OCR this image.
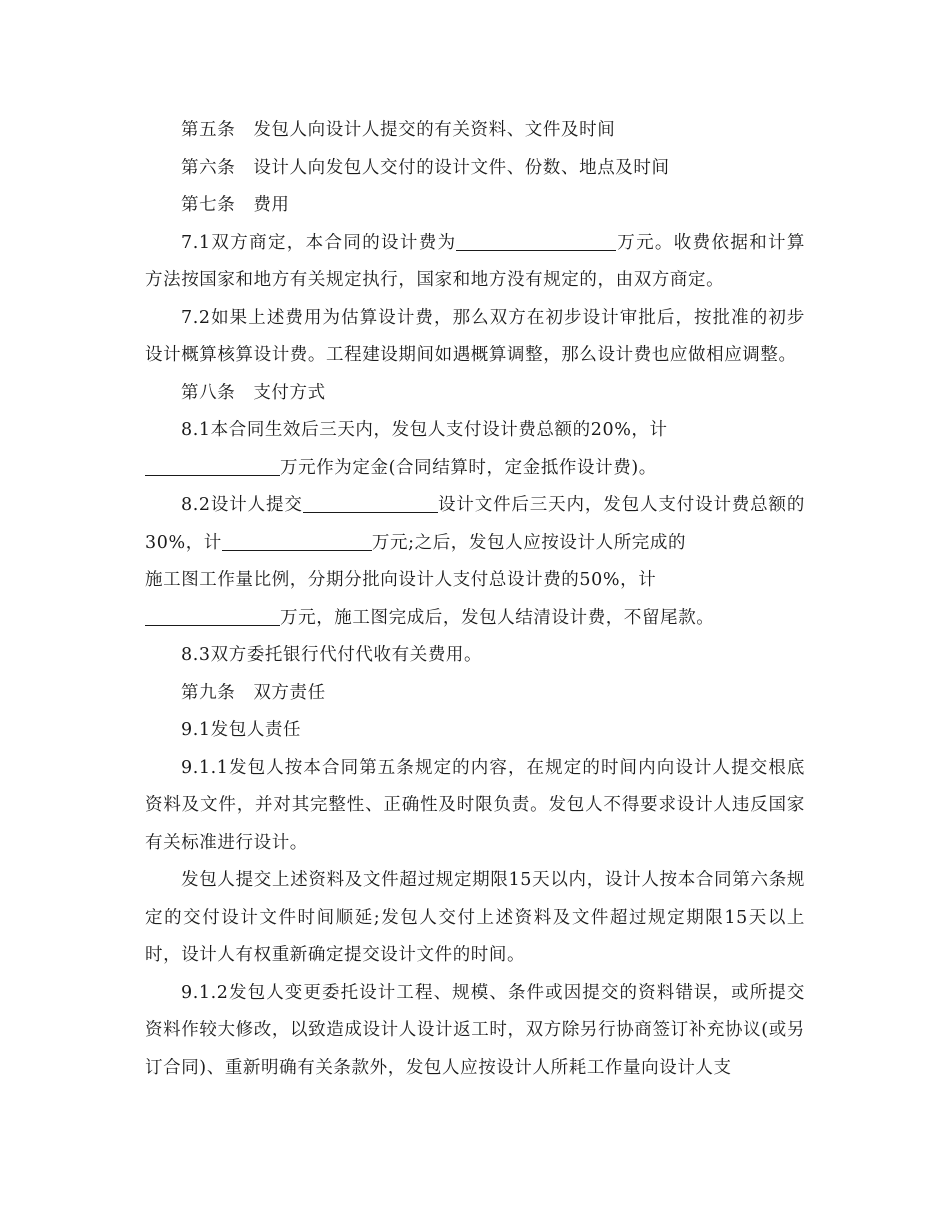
第五条 发包人向设计人提交的有关资料、文件及时间

第六条 设计人向发包人交付的设计文件、份数、地点及时间

第七条 费用

7.1双方商定，本合同的设计费为	万元。收费依据和计算方法按国家和地方有关规定执行，国家和地方没有规定的，由双方商定。

7.2如果上述费用为估算设计费，那么双方在初步设计审批后，按批准的初步设计概算核算设计费。工程建设期间如遇概算调整，那么设计费也应做相应调整。

第八条 支付方式

8.1本合同生效后三天内，发包人支付设计费总额的20%，计

万元作为定金(合同结算时，定金抵作设计费)。

8.2设计人提交	设计文件后三天内，发包人支付设计费总额的30%，计	万元;之后，发包人应按设计人所完成的

施工图工作量比例，分期分批向设计人支付总设计费的50%，计

万元，施工图完成后，发包人结清设计费，不留尾款。

8.3双方委托银行代付代收有关费用。

第九条 双方责任

9.1发包人责任

9.1.1发包人按本合同第五条规定的内容，在规定的时间内向设计人提交根底资料及文件，并对其完整性、正确性及时限负责。发包人不得要求设计人违反国家有关标准进行设计。

发包人提交上述资料及文件超过规定期限15天以内，设计人按本合同第六条规定的交付设计文件时间顺延;发包人交付上述资料及文件超过规定期限15天以上时，设计人有权重新确定提交设计文件的时间。

9.1.2发包人变更委托设计工程、规模、条件或因提交的资料错误，或所提交资料作较大修改，以致造成设计人设计返工时，双方除另行协商签订补充协议(或另订合同)、重新明确有关条款外，发包人应按设计人所耗工作量向设计人支
